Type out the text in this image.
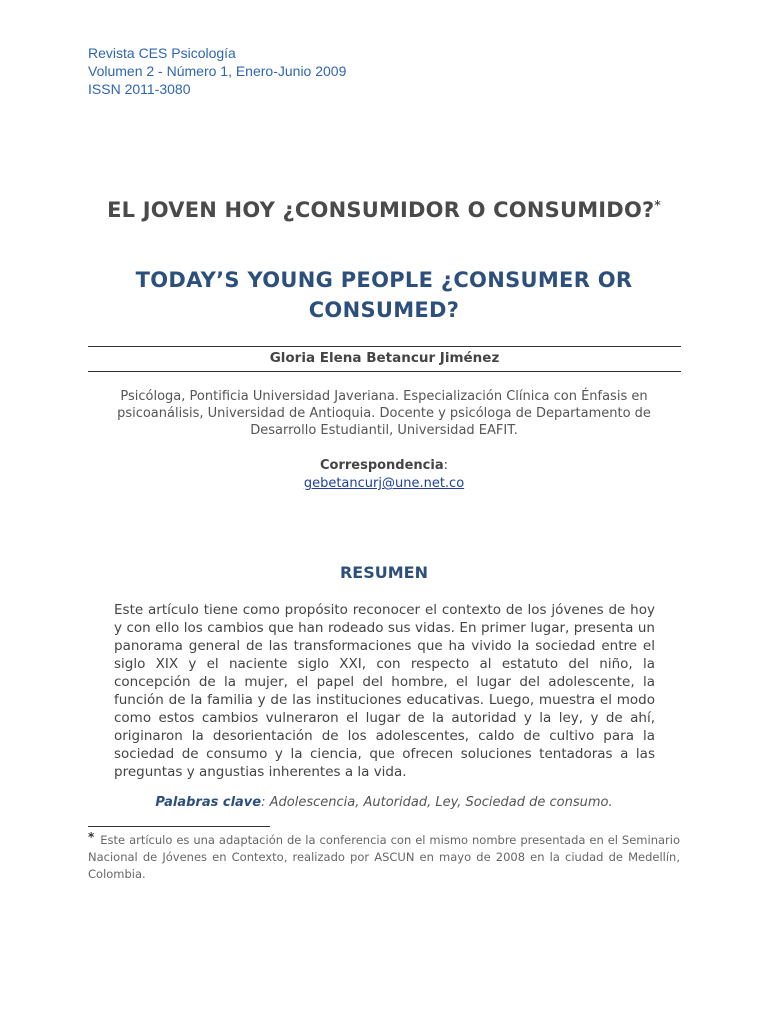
Revista CES Psicología
Volumen 2 - Número 1, Enero-Junio 2009
ISSN 2011-3080
EL JOVEN HOY ¿CONSUMIDOR O CONSUMIDO?*
TODAY’S YOUNG PEOPLE ¿CONSUMER OR CONSUMED?
Gloria Elena Betancur Jiménez
Psicóloga, Pontificia Universidad Javeriana. Especialización Clínica con Énfasis en psicoanálisis, Universidad de Antioquia. Docente y psicóloga de Departamento de Desarrollo Estudiantil, Universidad EAFIT.
Correspondencia:
gebetancurj@une.net.co
RESUMEN
Este artículo tiene como propósito reconocer el contexto de los jóvenes de hoy y con ello los cambios que han rodeado sus vidas. En primer lugar, presenta un panorama general de las transformaciones que ha vivido la sociedad entre el siglo XIX y el naciente siglo XXI, con respecto al estatuto del niño, la concepción de la mujer, el papel del hombre, el lugar del adolescente, la función de la familia y de las instituciones educativas. Luego, muestra el modo como estos cambios vulneraron el lugar de la autoridad y la ley, y de ahí, originaron la desorientación de los adolescentes, caldo de cultivo para la sociedad de consumo y la ciencia, que ofrecen soluciones tentadoras a las preguntas y angustias inherentes a la vida.
Palabras clave: Adolescencia, Autoridad, Ley, Sociedad de consumo.
* Este artículo es una adaptación de la conferencia con el mismo nombre presentada en el Seminario Nacional de Jóvenes en Contexto, realizado por ASCUN en mayo de 2008 en la ciudad de Medellín, Colombia.
